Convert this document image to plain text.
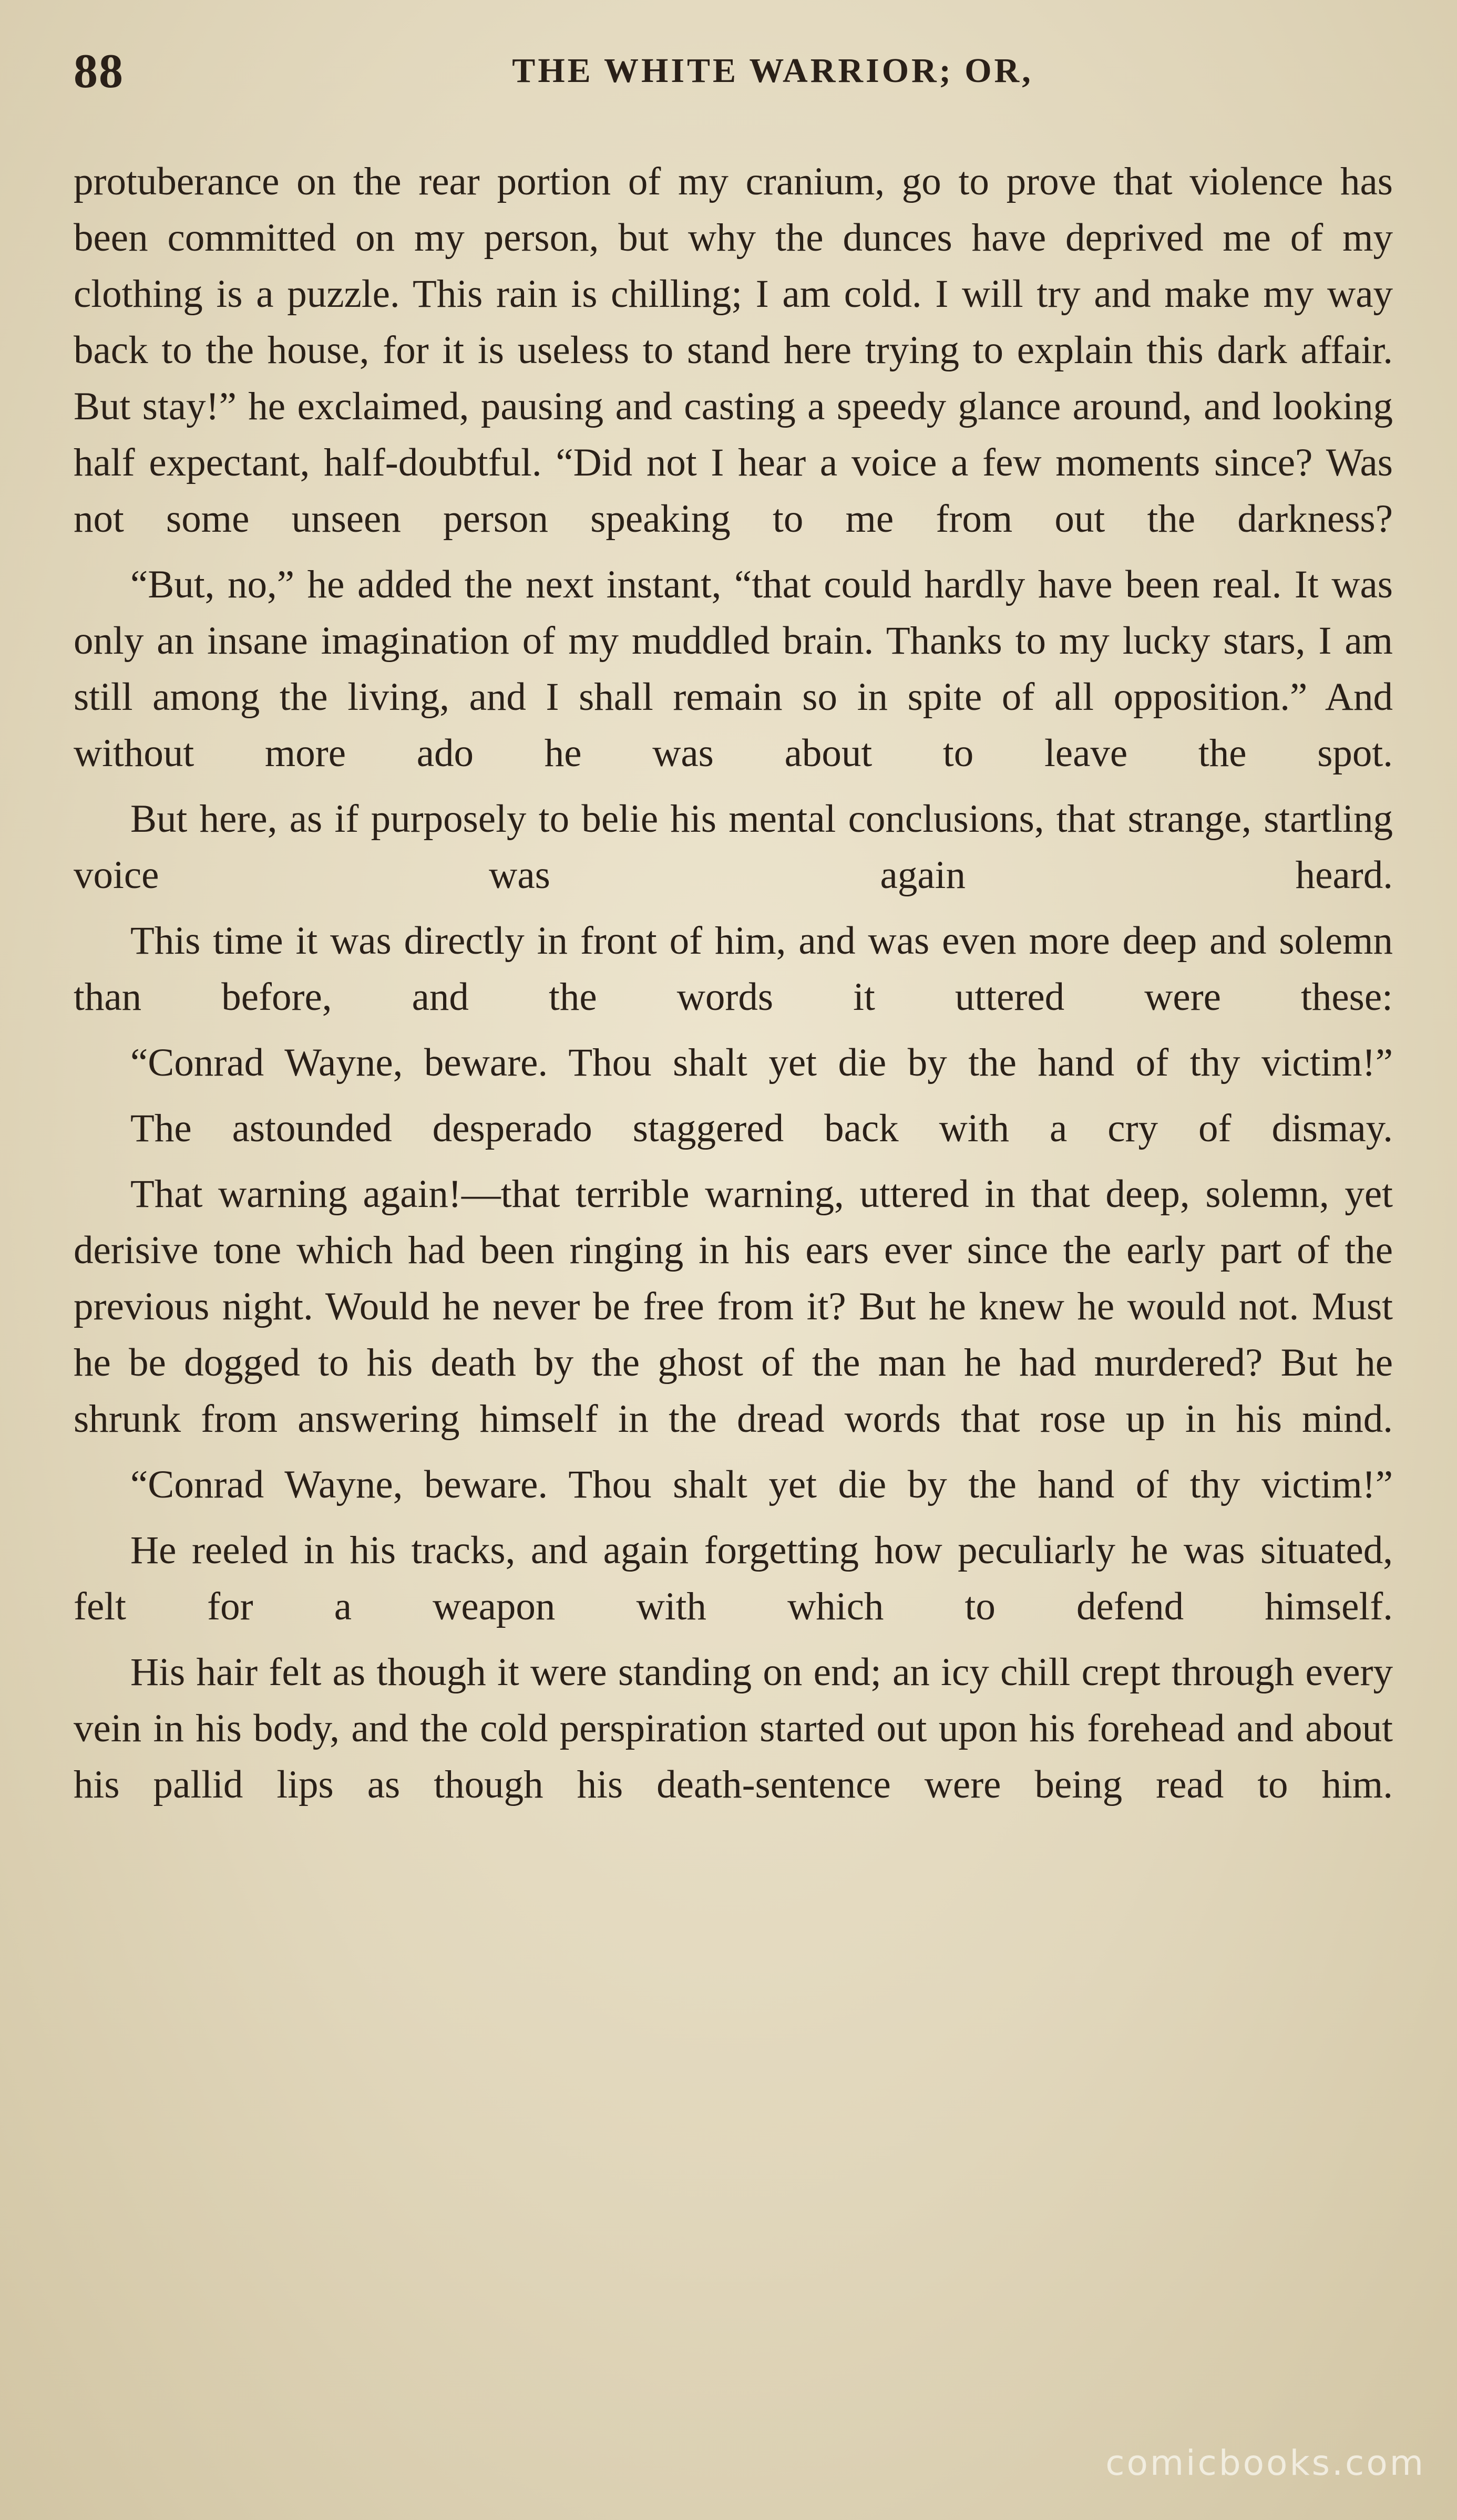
88	THE WHITE WARRIOR; OR,

protuberance on the rear portion of my cranium, go to prove that violence has been committed on my person, but why the dunces have deprived me of my clothing is a puzzle. This rain is chilling; I am cold. I will try and make my way back to the house, for it is useless to stand here trying to explain this dark affair. But stay!” he exclaimed, pausing and casting a speedy glance around, and looking half expectant, half-doubtful. “Did not I hear a voice a few moments since? Was not some unseen person speaking to me from out the darkness?

“But, no,” he added the next instant, “that could hardly have been real. It was only an insane imagination of my muddled brain. Thanks to my lucky stars, I am still among the living, and I shall remain so in spite of all opposition.” And without more ado he was about to leave the spot.

But here, as if purposely to belie his mental conclusions, that strange, startling voice was again heard.

This time it was directly in front of him, and was even more deep and solemn than before, and the words it uttered were these:

“Conrad Wayne, beware. Thou shalt yet die by the hand of thy victim!”

The astounded desperado staggered back with a cry of dismay.

That warning again!—that terrible warning, uttered in that deep, solemn, yet derisive tone which had been ringing in his ears ever since the early part of the previous night. Would he never be free from it? But he knew he would not. Must he be dogged to his death by the ghost of the man he had murdered? But he shrunk from answering himself in the dread words that rose up in his mind.

“Conrad Wayne, beware. Thou shalt yet die by the hand of thy victim!”

He reeled in his tracks, and again forgetting how peculiarly he was situated, felt for a weapon with which to defend himself.

His hair felt as though it were standing on end; an icy chill crept through every vein in his body, and the cold perspiration started out upon his forehead and about his pallid lips as though his death-sentence were being read to him.

comicbooks.com
